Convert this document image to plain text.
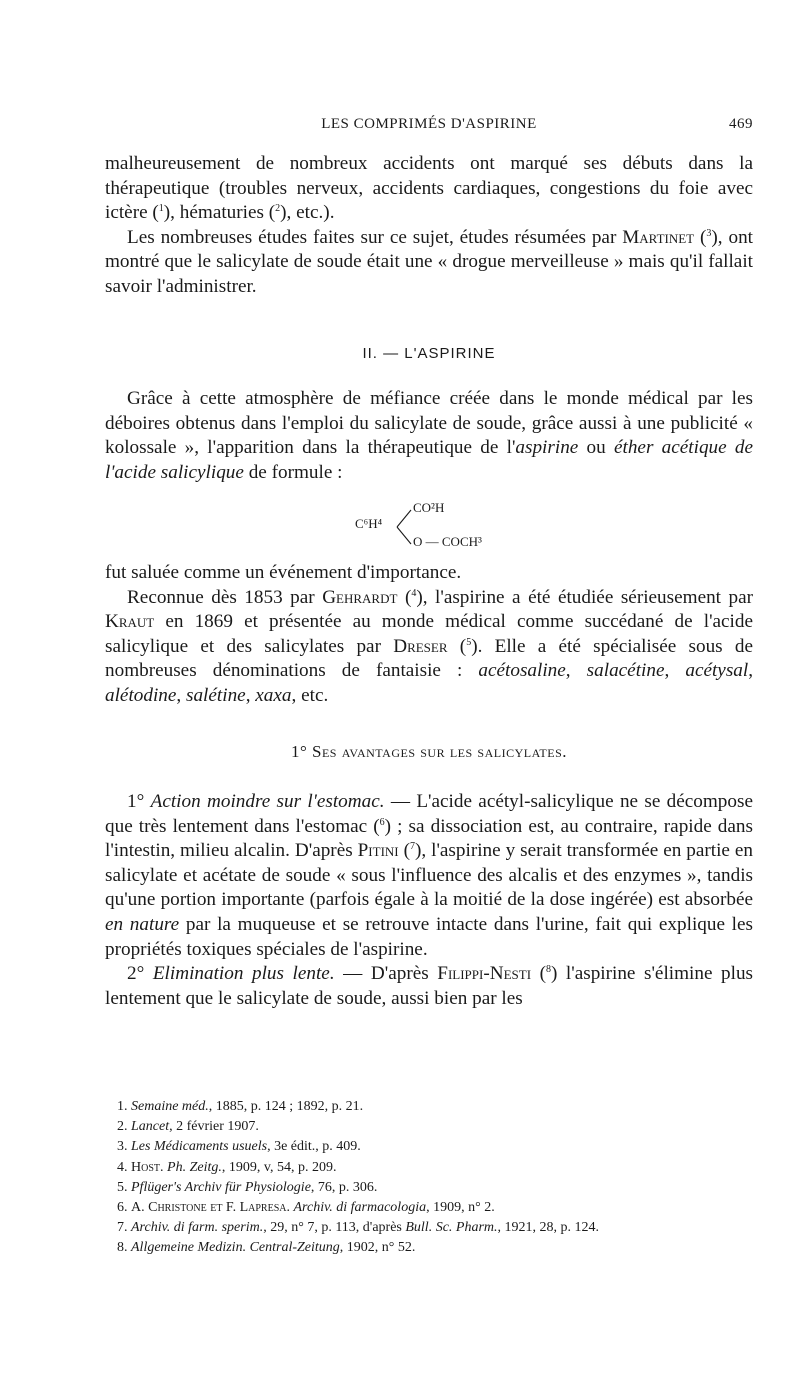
LES COMPRIMÉS D'ASPIRINE	469

malheureusement de nombreux accidents ont marqué ses débuts dans la thérapeutique (troubles nerveux, accidents cardiaques, congestions du foie avec ictère ($^1$), hématuries ($^2$), etc.).

Les nombreuses études faites sur ce sujet, études résumées par Martinet ($^3$), ont montré que le salicylate de soude était une « drogue merveilleuse » mais qu'il fallait savoir l'administrer.

II. — L'ASPIRINE

Grâce à cette atmosphère de méfiance créée dans le monde médical par les déboires obtenus dans l'emploi du salicylate de soude, grâce aussi à une publicité « kolossale », l'apparition dans la thérapeutique de l'aspirine ou éther acétique de l'acide salicylique de formule :

C⁶H⁴
CO²H
O — COCH³

fut saluée comme un événement d'importance.

Reconnue dès 1853 par Gehrardt ($^4$), l'aspirine a été étudiée sérieusement par Kraut en 1869 et présentée au monde médical comme succédané de l'acide salicylique et des salicylates par Dreser ($^5$). Elle a été spécialisée sous de nombreuses dénominations de fantaisie : acétosaline, salacétine, acétysal, alétodine, salétine, xaxa, etc.

1° Ses avantages sur les salicylates.

1° Action moindre sur l'estomac. — L'acide acétyl-salicylique ne se décompose que très lentement dans l'estomac ($^6$) ; sa dissociation est, au contraire, rapide dans l'intestin, milieu alcalin. D'après Pitini ($^7$), l'aspirine y serait transformée en partie en salicylate et acétate de soude « sous l'influence des alcalis et des enzymes », tandis qu'une portion importante (parfois égale à la moitié de la dose ingérée) est absorbée en nature par la muqueuse et se retrouve intacte dans l'urine, fait qui explique les propriétés toxiques spéciales de l'aspirine.

2° Elimination plus lente. — D'après Filippi-Nesti ($^8$) l'aspirine s'élimine plus lentement que le salicylate de soude, aussi bien par les

1. Semaine méd., 1885, p. 124 ; 1892, p. 21.

2. Lancet, 2 février 1907.

3. Les Médicaments usuels, 3e édit., p. 409.

4. Host. Ph. Zeitg., 1909, v, 54, p. 209.

5. Pflüger's Archiv für Physiologie, 76, p. 306.

6. A. Christone et F. Lapresa. Archiv. di farmacologia, 1909, n° 2.

7. Archiv. di farm. sperim., 29, n° 7, p. 113, d'après Bull. Sc. Pharm., 1921, 28, p. 124.

8. Allgemeine Medizin. Central-Zeitung, 1902, n° 52.
